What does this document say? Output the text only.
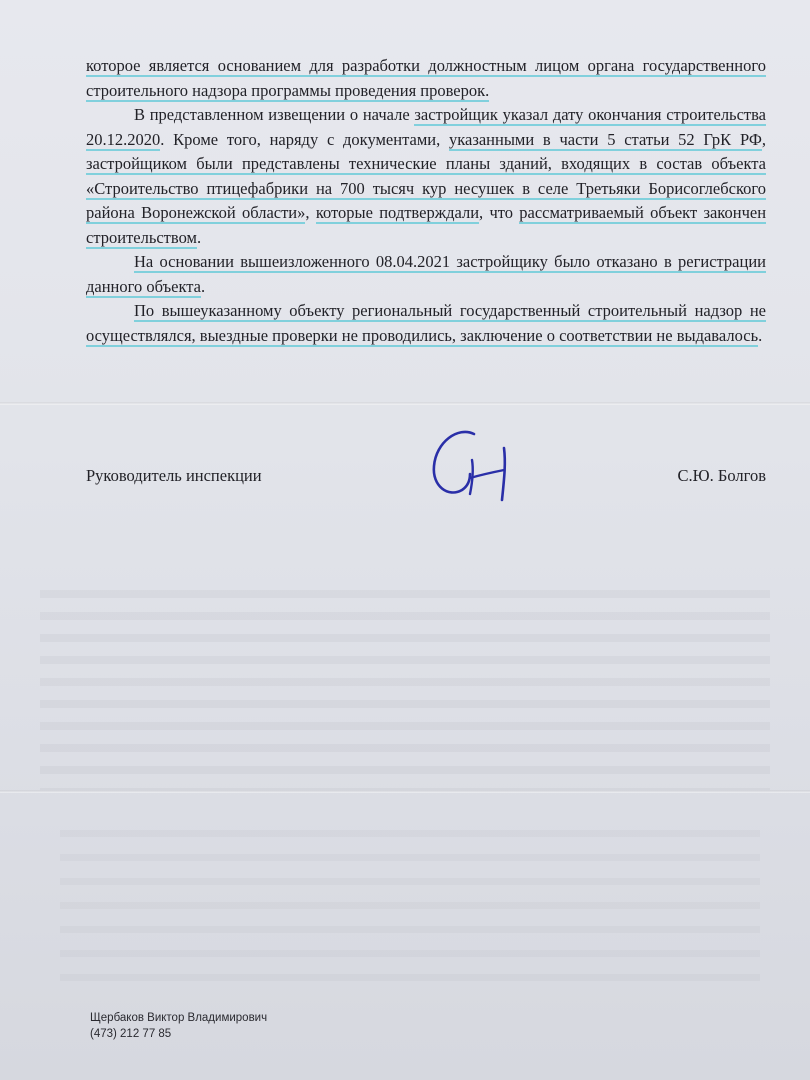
которое является основанием для разработки должностным лицом органа государственного строительного надзора программы проведения проверок.

В представленном извещении о начале застройщик указал дату окончания строительства 20.12.2020. Кроме того, наряду с документами, указанными в части 5 статьи 52 ГрК РФ, застройщиком были представлены технические планы зданий, входящих в состав объекта «Строительство птицефабрики на 700 тысяч кур несушек в селе Третьяки Борисоглебского района Воронежской области», которые подтверждали, что рассматриваемый объект закончен строительством.

На основании вышеизложенного 08.04.2021 застройщику было отказано в регистрации данного объекта.

По вышеуказанному объекту региональный государственный строительный надзор не осуществлялся, выездные проверки не проводились, заключение о соответствии не выдавалось.

Руководитель инспекции	С.Ю. Болгов
Щербаков Виктор Владимирович
(473) 212 77 85
